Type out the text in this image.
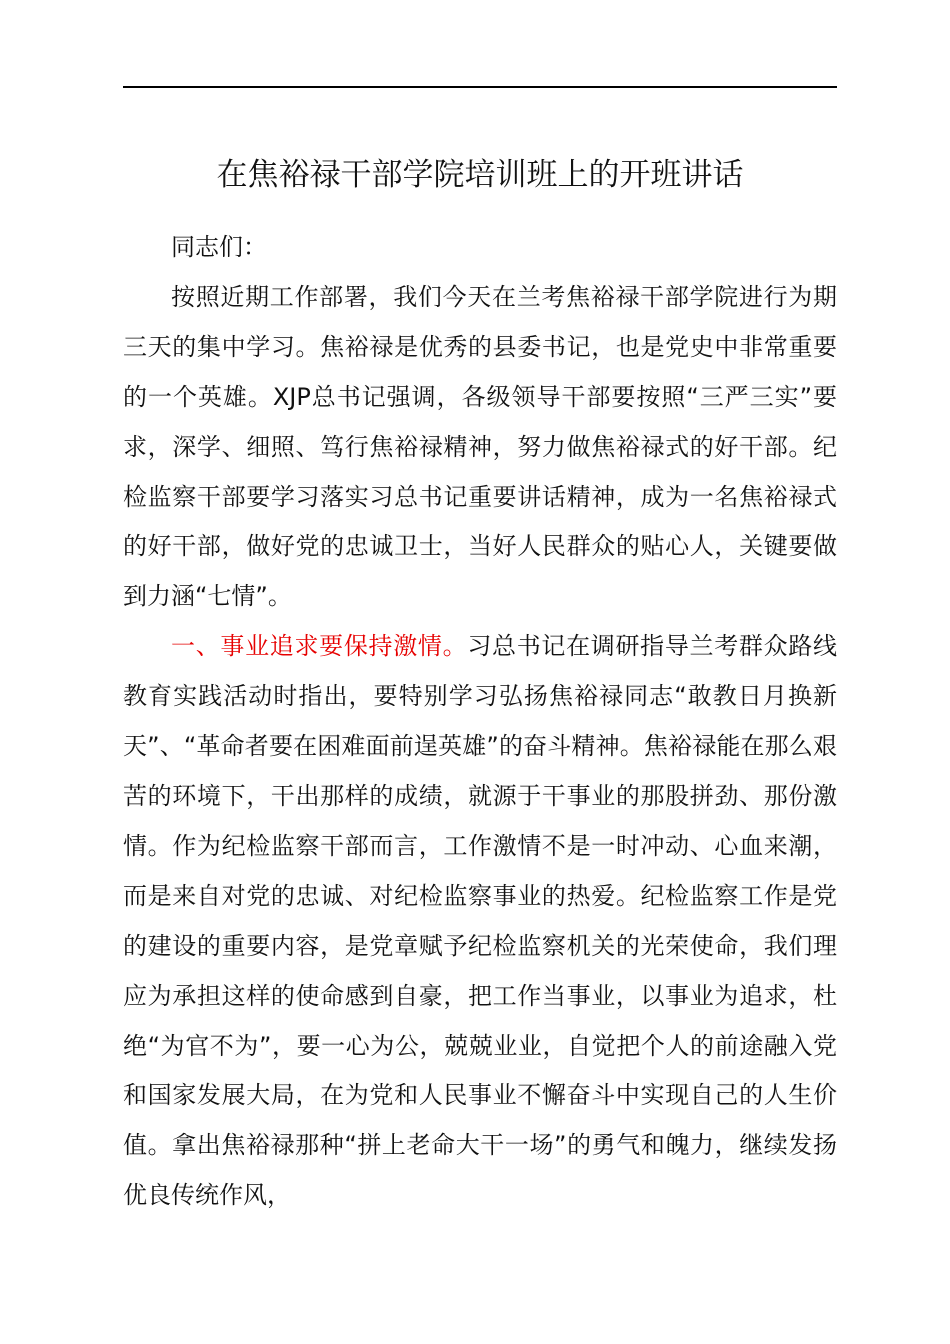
在焦裕禄干部学院培训班上的开班讲话

同志们：

按照近期工作部署，我们今天在兰考焦裕禄干部学院进行为期三天的集中学习。焦裕禄是优秀的县委书记，也是党史中非常重要的一个英雄。XJP总书记强调，各级领导干部要按照“三严三实”要求，深学、细照、笃行焦裕禄精神，努力做焦裕禄式的好干部。纪检监察干部要学习落实习总书记重要讲话精神，成为一名焦裕禄式的好干部，做好党的忠诚卫士，当好人民群众的贴心人，关键要做到力涵“七情”。

一、事业追求要保持激情。习总书记在调研指导兰考群众路线教育实践活动时指出，要特别学习弘扬焦裕禄同志“敢教日月换新天”、“革命者要在困难面前逞英雄”的奋斗精神。焦裕禄能在那么艰苦的环境下，干出那样的成绩，就源于干事业的那股拼劲、那份激情。作为纪检监察干部而言，工作激情不是一时冲动、心血来潮，而是来自对党的忠诚、对纪检监察事业的热爱。纪检监察工作是党的建设的重要内容，是党章赋予纪检监察机关的光荣使命，我们理应为承担这样的使命感到自豪，把工作当事业，以事业为追求，杜绝“为官不为”，要一心为公，兢兢业业，自觉把个人的前途融入党和国家发展大局，在为党和人民事业不懈奋斗中实现自己的人生价值。拿出焦裕禄那种“拼上老命大干一场”的勇气和魄力，继续发扬优良传统作风，
